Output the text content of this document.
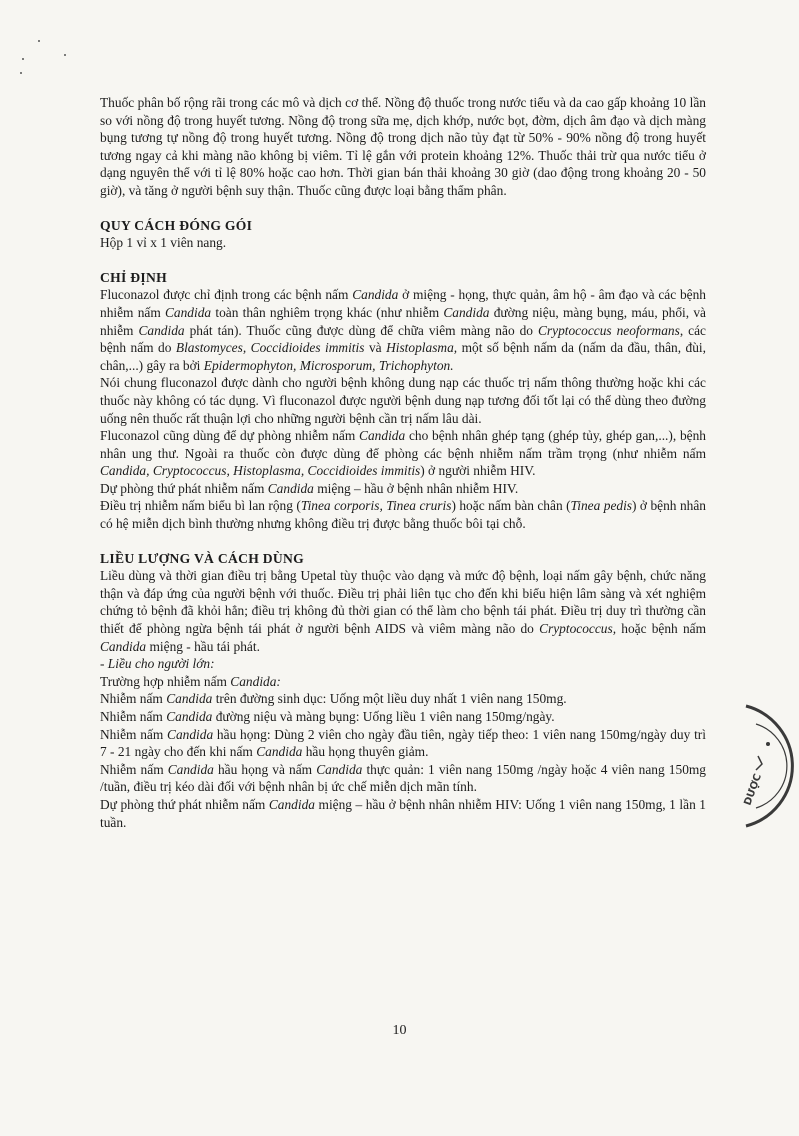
Thuốc phân bố rộng rãi trong các mô và dịch cơ thể. Nồng độ thuốc trong nước tiểu và da cao gấp khoảng 10 lần so với nồng độ trong huyết tương. Nồng độ trong sữa mẹ, dịch khớp, nước bọt, đờm, dịch âm đạo và dịch màng bụng tương tự nồng độ trong huyết tương. Nồng độ trong dịch não tủy đạt từ 50% - 90% nồng độ trong huyết tương ngay cả khi màng não không bị viêm. Tỉ lệ gắn với protein khoảng 12%. Thuốc thải trừ qua nước tiểu ở dạng nguyên thể với tỉ lệ 80% hoặc cao hơn. Thời gian bán thải khoảng 30 giờ (dao động trong khoảng 20 - 50 giờ), và tăng ở người bệnh suy thận. Thuốc cũng được loại bằng thẩm phân.

QUY CÁCH ĐÓNG GÓI

Hộp 1 vỉ x 1 viên nang.

CHỈ ĐỊNH

Fluconazol được chỉ định trong các bệnh nấm Candida ở miệng - họng, thực quản, âm hộ - âm đạo và các bệnh nhiễm nấm Candida toàn thân nghiêm trọng khác (như nhiễm Candida đường niệu, màng bụng, máu, phổi, và nhiễm Candida phát tán). Thuốc cũng được dùng để chữa viêm màng não do Cryptococcus neoformans, các bệnh nấm do Blastomyces, Coccidioides immitis và Histoplasma, một số bệnh nấm da (nấm da đầu, thân, đùi, chân,...) gây ra bởi Epidermophyton, Microsporum, Trichophyton.

Nói chung fluconazol được dành cho người bệnh không dung nạp các thuốc trị nấm thông thường hoặc khi các thuốc này không có tác dụng. Vì fluconazol được người bệnh dung nạp tương đối tốt lại có thể dùng theo đường uống nên thuốc rất thuận lợi cho những người bệnh cần trị nấm lâu dài.

Fluconazol cũng dùng để dự phòng nhiễm nấm Candida cho bệnh nhân ghép tạng (ghép tủy, ghép gan,...), bệnh nhân ung thư. Ngoài ra thuốc còn được dùng để phòng các bệnh nhiễm nấm trầm trọng (như nhiễm nấm Candida, Cryptococcus, Histoplasma, Coccidioides immitis) ở người nhiễm HIV.

Dự phòng thứ phát nhiễm nấm Candida miệng – hầu ở bệnh nhân nhiễm HIV.

Điều trị nhiễm nấm biểu bì lan rộng (Tinea corporis, Tinea cruris) hoặc nấm bàn chân (Tinea pedis) ở bệnh nhân có hệ miễn dịch bình thường nhưng không điều trị được bằng thuốc bôi tại chỗ.

LIỀU LƯỢNG VÀ CÁCH DÙNG

Liều dùng và thời gian điều trị bằng Upetal tùy thuộc vào dạng và mức độ bệnh, loại nấm gây bệnh, chức năng thận và đáp ứng của người bệnh với thuốc. Điều trị phải liên tục cho đến khi biểu hiện lâm sàng và xét nghiệm chứng tỏ bệnh đã khỏi hẳn; điều trị không đủ thời gian có thể làm cho bệnh tái phát. Điều trị duy trì thường cần thiết để phòng ngừa bệnh tái phát ở người bệnh AIDS và viêm màng não do Cryptococcus, hoặc bệnh nấm Candida miệng - hầu tái phát.

- Liều cho người lớn:

Trường hợp nhiễm nấm Candida:

Nhiễm nấm Candida trên đường sinh dục: Uống một liều duy nhất 1 viên nang 150mg.

Nhiễm nấm Candida đường niệu và màng bụng: Uống liều 1 viên nang 150mg/ngày.

Nhiễm nấm Candida hầu họng: Dùng 2 viên cho ngày đầu tiên, ngày tiếp theo: 1 viên nang 150mg/ngày duy trì 7 - 21 ngày cho đến khi nấm Candida hầu họng thuyên giảm.

Nhiễm nấm Candida hầu họng và nấm Candida thực quản: 1 viên nang 150mg /ngày hoặc 4 viên nang 150mg /tuần, điều trị kéo dài đối với bệnh nhân bị ức chế miễn dịch mãn tính.

Dự phòng thứ phát nhiễm nấm Candida miệng – hầu ở bệnh nhân nhiễm HIV: Uống 1 viên nang 150mg, 1 lần 1 tuần.

10
DƯỢC
